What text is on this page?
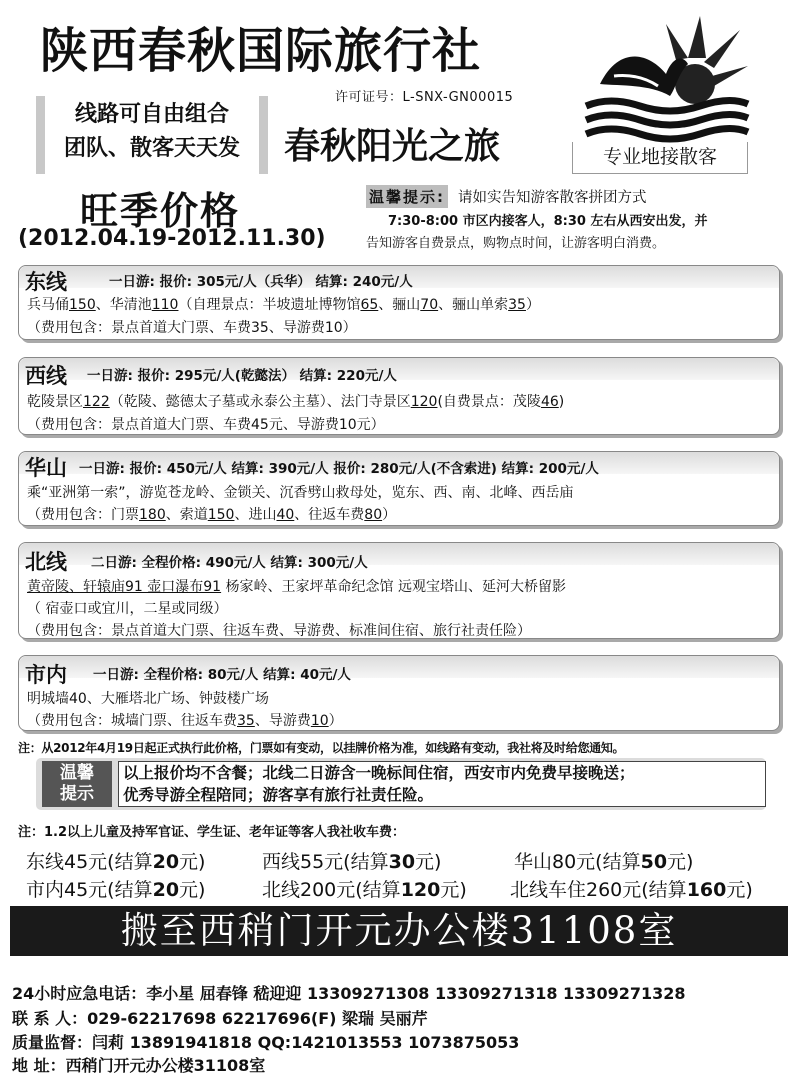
陕西春秋国际旅行社
许可证号：L-SNX-GN00015
线路可自由组合
团队、散客天天发	春秋阳光之旅	专业地接散客
旺季价格
(2012.04.19-2012.11.30)
温馨提示: 请如实告知游客散客拼团方式
7:30-8:00 市区内接客人，8:30 左右从西安出发，并
告知游客自费景点，购物点时间，让游客明白消费。
东线	一日游: 报价: 305元/人（兵华） 结算: 240元/人
兵马俑150、华清池110（自理景点：半坡遗址博物馆65、骊山70、骊山单索35）
（费用包含：景点首道大门票、车费35、导游费10）
西线 一日游: 报价: 295元/人(乾懿法） 结算: 220元/人
乾陵景区122（乾陵、懿德太子墓或永泰公主墓）、法门寺景区120(自费景点：茂陵46)
（费用包含：景点首道大门票、车费45元、导游费10元）
华山 一日游: 报价: 450元/人 结算: 390元/人 报价: 280元/人(不含索进) 结算: 200元/人
乘“亚洲第一索”，游览苍龙岭、金锁关、沉香劈山救母处，览东、西、南、北峰、西岳庙
（费用包含：门票180、索道150、进山40、往返车费80）
北线 二日游: 全程价格: 490元/人 结算: 300元/人
黄帝陵、轩辕庙91 壶口瀑布91 杨家岭、王家坪革命纪念馆 远观宝塔山、延河大桥留影
（ 宿壶口或宜川，二星或同级）
（费用包含：景点首道大门票、往返车费、导游费、标准间住宿、旅行社责任险）
市内 一日游: 全程价格: 80元/人 结算: 40元/人
明城墙40、大雁塔北广场、钟鼓楼广场
（费用包含：城墙门票、往返车费35、导游费10）
注：从2012年4月19日起正式执行此价格，门票如有变动，以挂牌价格为准，如线路有变动，我社将及时给您通知。
温馨
提示
以上报价均不含餐；北线二日游含一晚标间住宿，西安市内免费早接晚送；
优秀导游全程陪同；游客享有旅行社责任险。
注：1.2以上儿童及持军官证、学生证、老年证等客人我社收车费：
东线45元(结算20元)	西线55元(结算30元)	华山80元(结算50元)
市内45元(结算20元)	北线200元(结算120元) 北线车住260元(结算160元)
搬至西稍门开元办公楼31108室
24小时应急电话：李小星 屈春锋 嵇迎迎 13309271308 13309271318 13309271328
联 系 人：029-62217698 62217696(F) 梁瑞 吴丽芹
质量监督：闫莉 13891941818 QQ:1421013553 1073875053
地 址：西稍门开元办公楼31108室
